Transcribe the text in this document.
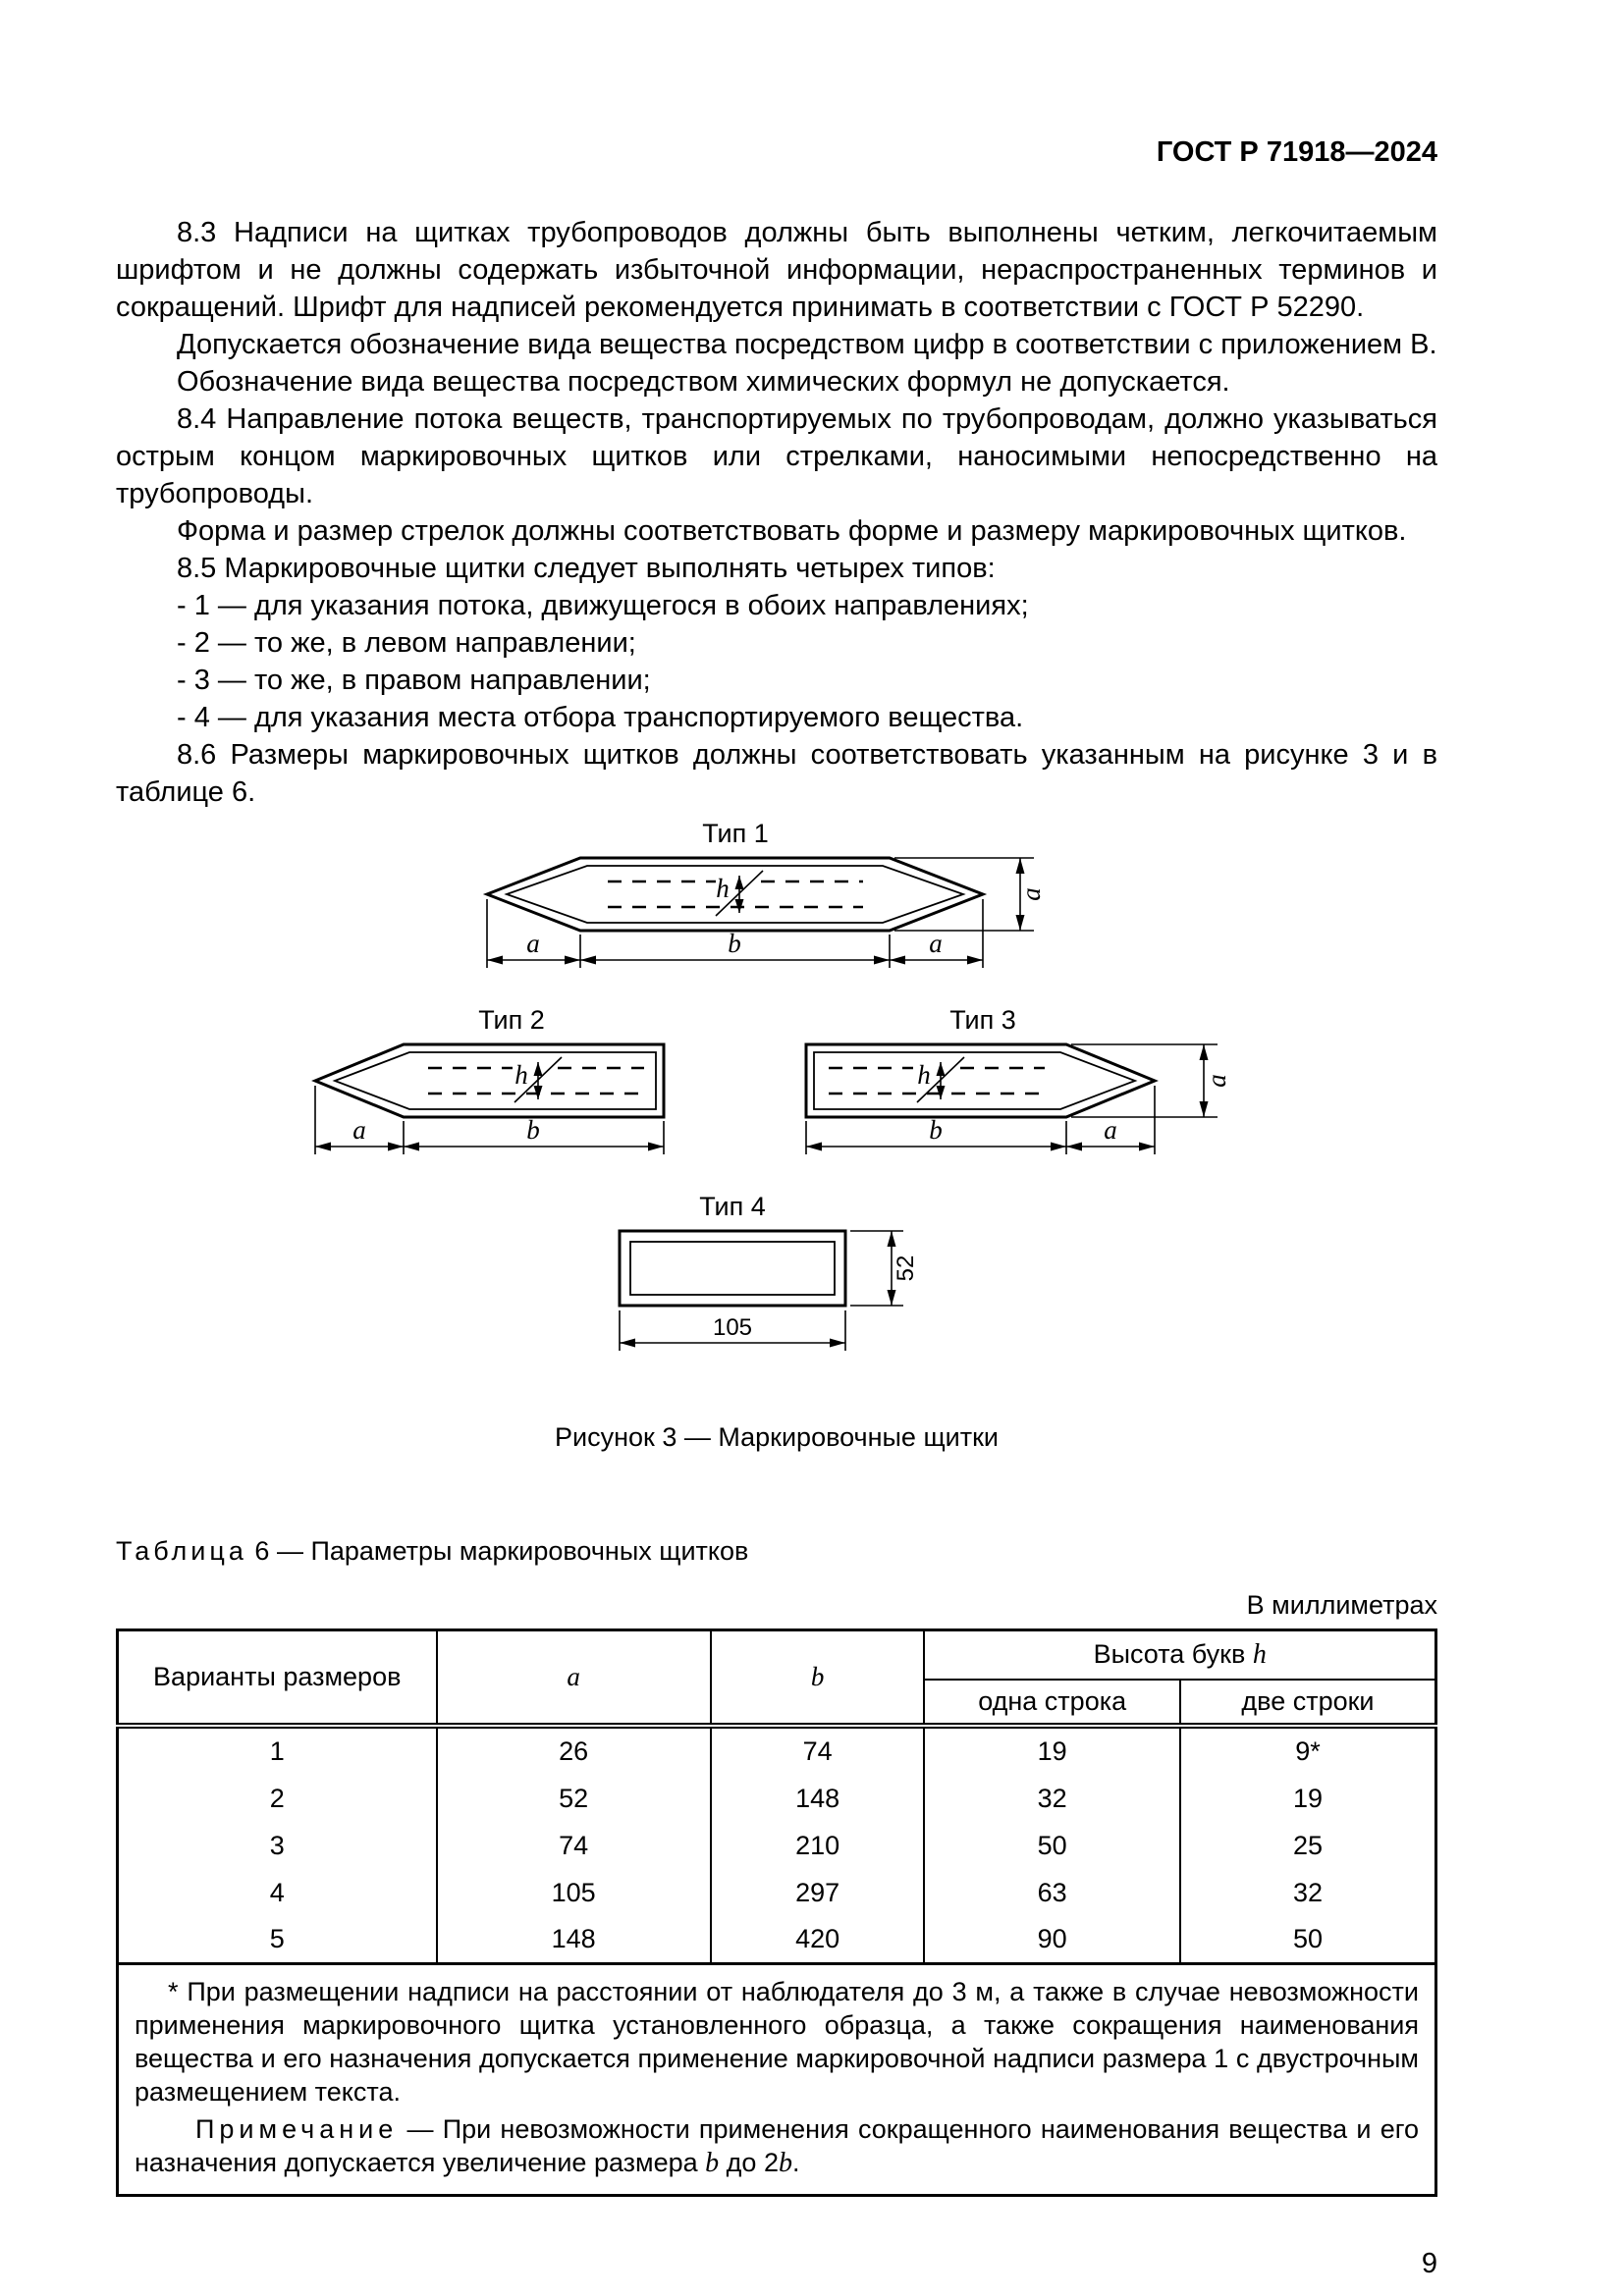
ГОСТ Р 71918—2024

8.3 Надписи на щитках трубопроводов должны быть выполнены четким, легкочитаемым шрифтом и не должны содержать избыточной информации, нераспространенных терминов и сокращений. Шрифт для надписей рекомендуется принимать в соответствии с ГОСТ Р 52290.

Допускается обозначение вида вещества посредством цифр в соответствии с приложением В.

Обозначение вида вещества посредством химических формул не допускается.

8.4 Направление потока веществ, транспортируемых по трубопроводам, должно указываться острым концом маркировочных щитков или стрелками, наносимыми непосредственно на трубопроводы.

Форма и размер стрелок должны соответствовать форме и размеру маркировочных щитков.

8.5 Маркировочные щитки следует выполнять четырех типов:

- 1 — для указания потока, движущегося в обоих направлениях;

- 2 — то же, в левом направлении;

- 3 — то же, в правом направлении;

- 4 — для указания места отбора транспортируемого вещества.

8.6 Размеры маркировочных щитков должны соответствовать указанным на рисунке 3 и в таблице 6.

Тип 1
h
a	b	a
a
Тип 2
h
a	b
Тип 3
h
b	a
a
Тип 4
52
105
Рисунок 3 — Маркировочные щитки
Таблица 6 — Параметры маркировочных щитков
В миллиметрах
Варианты размеров	a	b	Высота букв h	
			одна строка	две строки
1	26	74	19	9*
2	52	148	32	19
3	74	210	50	25
4	105	297	63	32
5	148	420	90	50

* При размещении надписи на расстоянии от наблюдателя до 3 м, а также в случае невозможности применения маркировочного щитка установленного образца, а также сокращения наименования вещества и его назначения допускается применение маркировочной надписи размера 1 с двустрочным размещением текста.

Примечание — При невозможности применения сокращенного наименования вещества и его назначения допускается увеличение размера b до 2b.

9
